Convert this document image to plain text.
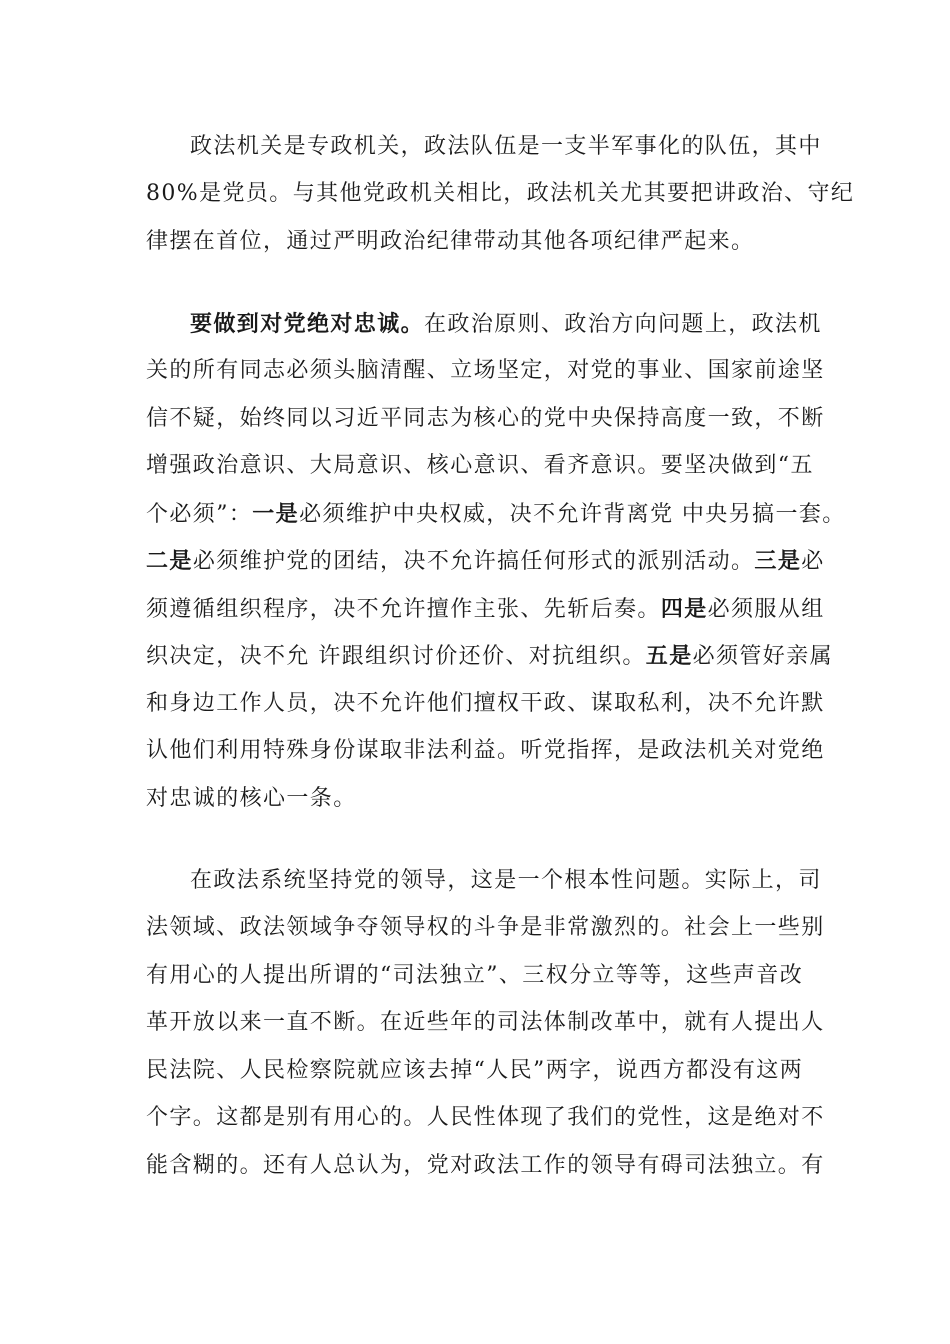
政法机关是专政机关，政法队伍是一支半军事化的队伍，其中
80%是党员。与其他党政机关相比，政法机关尤其要把讲政治、守纪
律摆在首位，通过严明政治纪律带动其他各项纪律严起来。
要做到对党绝对忠诚。在政治原则、政治方向问题上，政法机
关的所有同志必须头脑清醒、立场坚定，对党的事业、国家前途坚
信不疑，始终同以习近平同志为核心的党中央保持高度一致，不断
增强政治意识、大局意识、核心意识、看齐意识。要坚决做到“五
个必须”：一是必须维护中央权威，决不允许背离党 中央另搞一套。
二是必须维护党的团结，决不允许搞任何形式的派别活动。三是必
须遵循组织程序，决不允许擅作主张、先斩后奏。四是必须服从组
织决定，决不允 许跟组织讨价还价、对抗组织。五是必须管好亲属
和身边工作人员，决不允许他们擅权干政、谋取私利，决不允许默
认他们利用特殊身份谋取非法利益。听党指挥，是政法机关对党绝
对忠诚的核心一条。
在政法系统坚持党的领导，这是一个根本性问题。实际上，司
法领域、政法领域争夺领导权的斗争是非常激烈的。社会上一些别
有用心的人提出所谓的“司法独立”、三权分立等等，这些声音改
革开放以来一直不断。在近些年的司法体制改革中，就有人提出人
民法院、人民检察院就应该去掉“人民”两字，说西方都没有这两
个字。这都是别有用心的。人民性体现了我们的党性，这是绝对不
能含糊的。还有人总认为，党对政法工作的领导有碍司法独立。有
